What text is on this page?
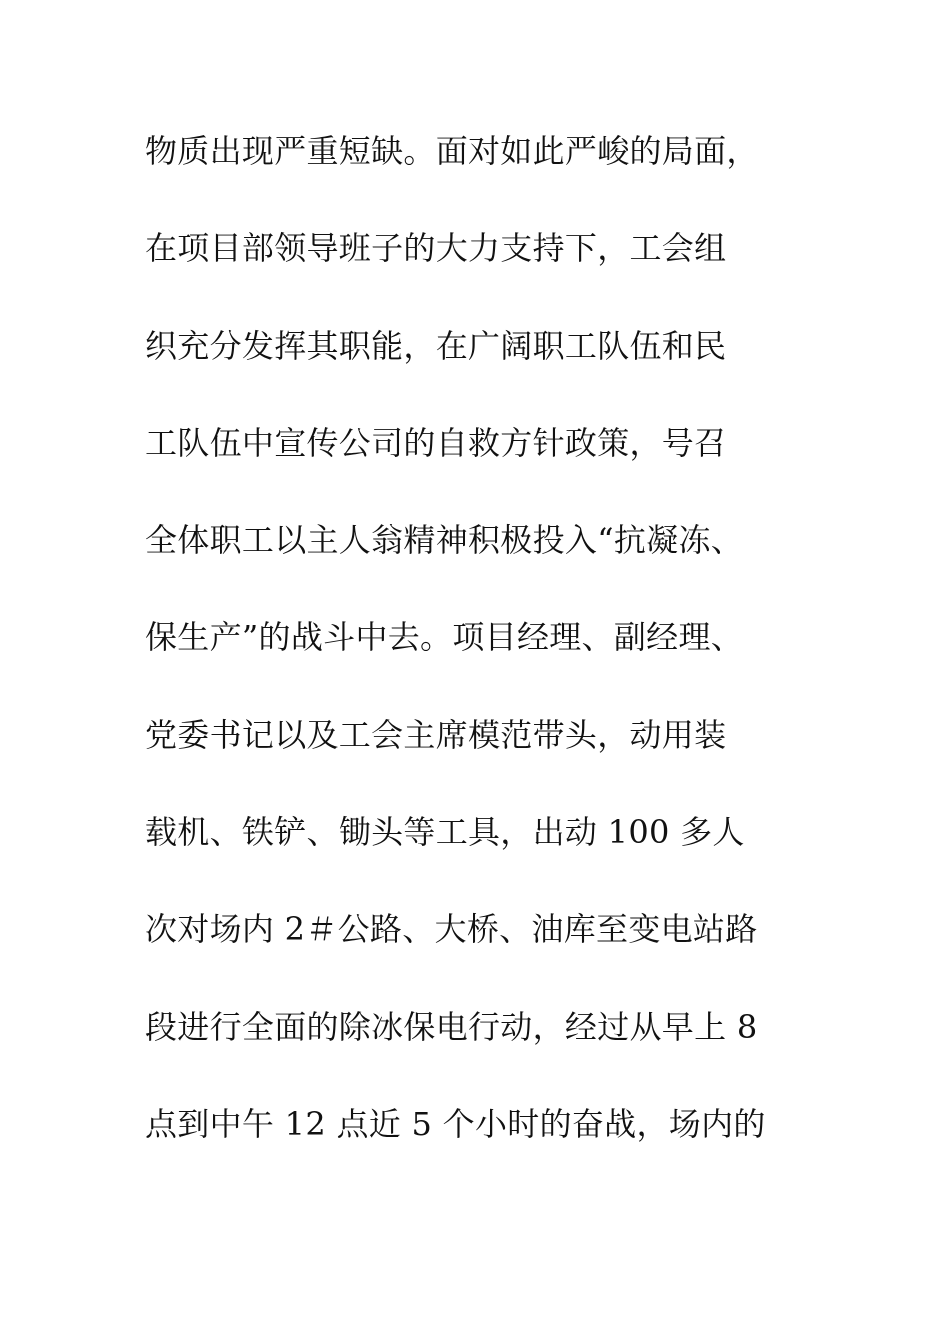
物质出现严重短缺。面对如此严峻的局面，
在项目部领导班子的大力支持下，工会组
织充分发挥其职能，在广阔职工队伍和民
工队伍中宣传公司的自救方针政策，号召
全体职工以主人翁精神积极投入“抗凝冻、
保生产”的战斗中去。项目经理、副经理、
党委书记以及工会主席模范带头，动用装
载机、铁铲、锄头等工具，出动 100 多人
次对场内 2＃公路、大桥、油库至变电站路
段进行全面的除冰保电行动，经过从早上 8
点到中午 12 点近 5 个小时的奋战，场内的
